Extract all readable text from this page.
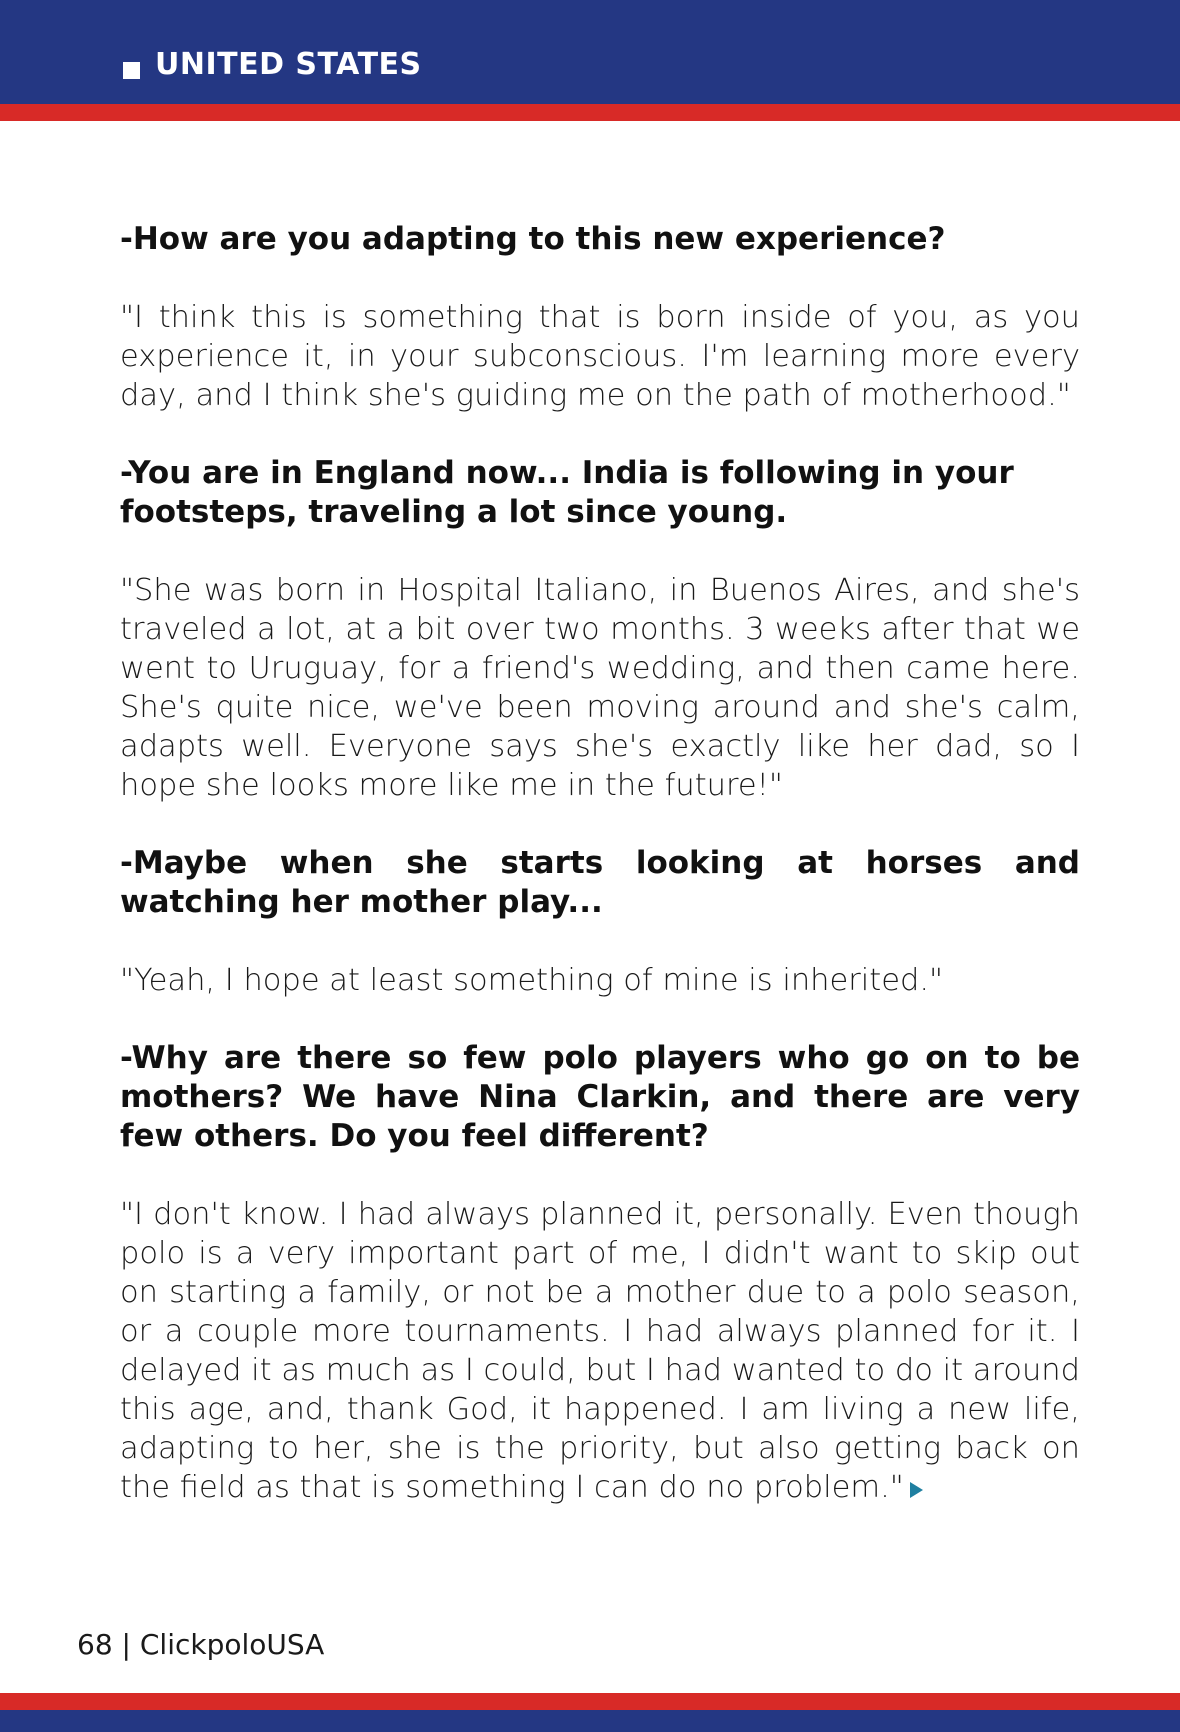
UNITED STATES

-How are you adapting to this new experience?

"I think this is something that is born inside of you, as you experience it, in your subconscious. I'm learning more every day, and I think she's guiding me on the path of motherhood."

-You are in England now... India is following in your footsteps, traveling a lot since young.

"She was born in Hospital Italiano, in Buenos Aires, and she's traveled a lot, at a bit over two months. 3 weeks after that we went to Uruguay, for a friend's wedding, and then came here. She's quite nice, we've been moving around and she's calm, adapts well. Everyone says she's exactly like her dad, so I hope she looks more like me in the future!"

-Maybe when she starts looking at horses and watching her mother play...

"Yeah, I hope at least something of mine is inherited."

-Why are there so few polo players who go on to be mothers? We have Nina Clarkin, and there are very few others. Do you feel different?

"I don't know. I had always planned it, personally. Even though polo is a very important part of me, I didn't want to skip out on starting a family, or not be a mother due to a polo season, or a couple more tournaments. I had always planned for it. I delayed it as much as I could, but I had wanted to do it around this age, and, thank God, it happened. I am living a new life, adapting to her, she is the priority, but also getting back on the field as that is something I can do no problem."

68 | ClickpoloUSA
